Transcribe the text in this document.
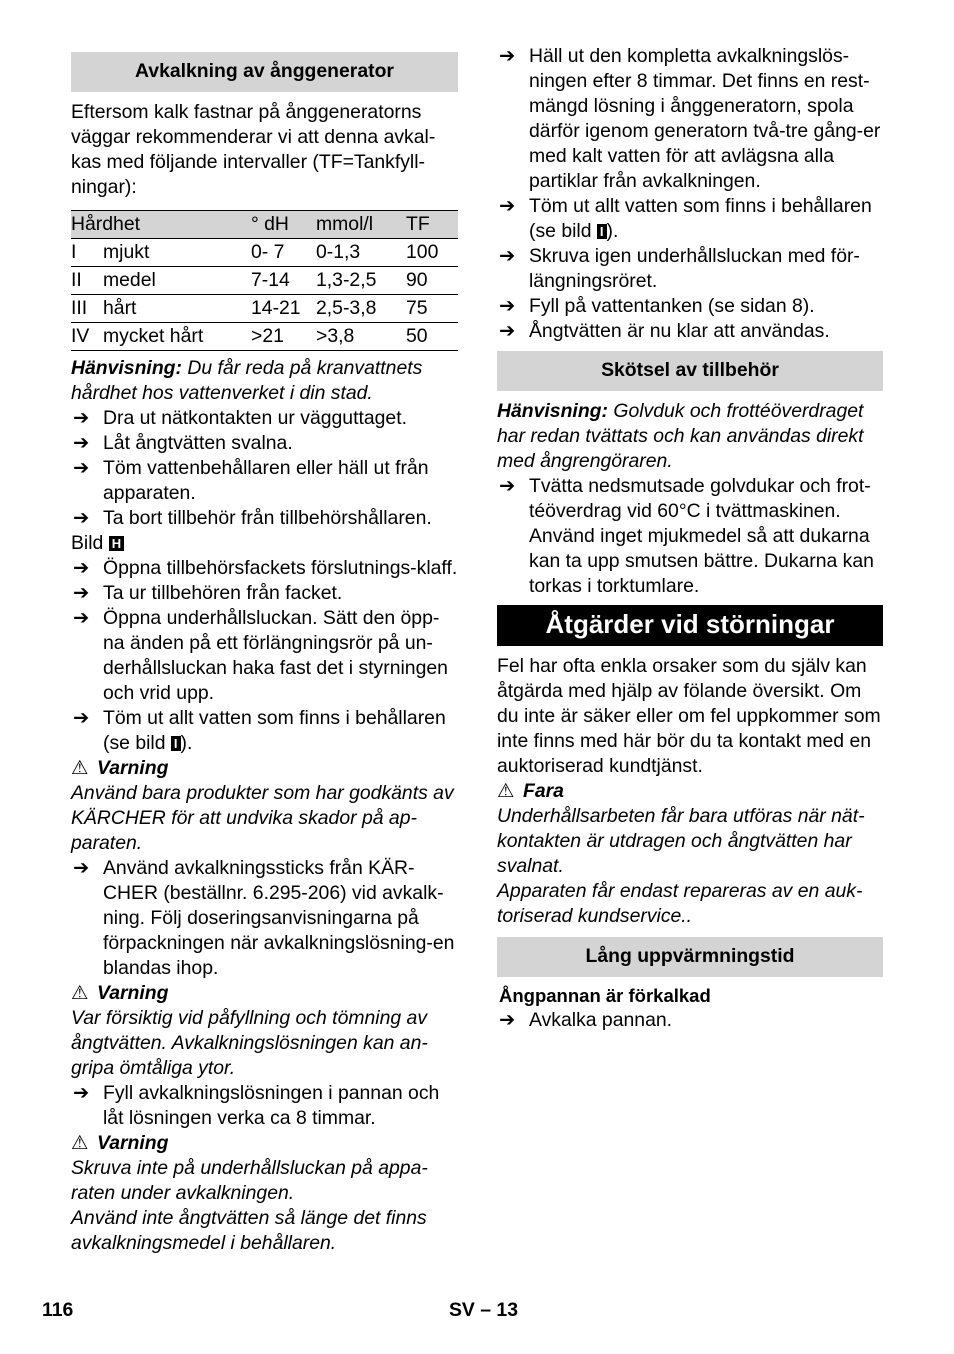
Avkalkning av ånggenerator

Eftersom kalk fastnar på ånggeneratorns väggar rekommenderar vi att denna avkal-kas med följande intervaller (TF=Tankfyll-ningar):

Hårdhet		° dH	mmol/l	TF
I	mjukt	0- 7	0-1,3	100
II	medel	7-14	1,3-2,5	90
III	hårt	14-21	2,5-3,8	75
IV	mycket hårt	>21	>3,8	50

Hänvisning: Du får reda på kranvattnets hårdhet hos vattenverket i din stad.

➔ Dra ut nätkontakten ur vägguttaget.
➔ Låt ångtvätten svalna.
➔ Töm vattenbehållaren eller häll ut från apparaten.
➔ Ta bort tillbehör från tillbehörshållaren.

Bild H

➔ Öppna tillbehörsfackets förslutnings-klaff.
➔ Ta ur tillbehören från facket.
➔ Öppna underhållsluckan. Sätt den öpp-na änden på ett förlängningsrör på un-derhållsluckan haka fast det i styrningen och vrid upp.
➔ Töm ut allt vatten som finns i behållaren (se bild I ).

⚠ Varning

Använd bara produkter som har godkänts av KÄRCHER för att undvika skador på ap-paraten.

➔ Använd avkalkningssticks från KÄR-CHER (beställnr. 6.295-206) vid avkalk-ning. Följ doseringsanvisningarna på förpackningen när avkalkningslösning-en blandas ihop.

⚠ Varning

Var försiktig vid påfyllning och tömning av ångtvätten. Avkalkningslösningen kan an-gripa ömtåliga ytor.

➔ Fyll avkalkningslösningen i pannan och låt lösningen verka ca 8 timmar.

⚠ Varning

Skruva inte på underhållsluckan på appa-raten under avkalkningen.

Använd inte ångtvätten så länge det finns avkalkningsmedel i behållaren.

➔ Häll ut den kompletta avkalkningslös-ningen efter 8 timmar. Det finns en rest-mängd lösning i ånggeneratorn, spola därför igenom generatorn två-tre gång-er med kalt vatten för att avlägsna alla partiklar från avkalkningen.
➔ Töm ut allt vatten som finns i behållaren (se bild I ).
➔ Skruva igen underhållsluckan med för-längningsröret.
➔ Fyll på vattentanken (se sidan 8).
➔ Ångtvätten är nu klar att användas.
Skötsel av tillbehör

Hänvisning: Golvduk och frottéöverdraget har redan tvättats och kan användas direkt med ångrengöraren.

➔ Tvätta nedsmutsade golvdukar och frot-téöverdrag vid 60°C i tvättmaskinen. Använd inget mjukmedel så att dukarna kan ta upp smutsen bättre. Dukarna kan torkas i torktumlare.
Åtgärder vid störningar

Fel har ofta enkla orsaker som du själv kan åtgärda med hjälp av fölande översikt. Om du inte är säker eller om fel uppkommer som inte finns med här bör du ta kontakt med en auktoriserad kundtjänst.

⚠ Fara

Underhållsarbeten får bara utföras när nät-kontakten är utdragen och ångtvätten har svalnat.

Apparaten får endast repareras av en auk-toriserad kundservice..

Lång uppvärmningstid

Ångpannan är förkalkad

➔ Avkalka pannan.
116	SV – 13
